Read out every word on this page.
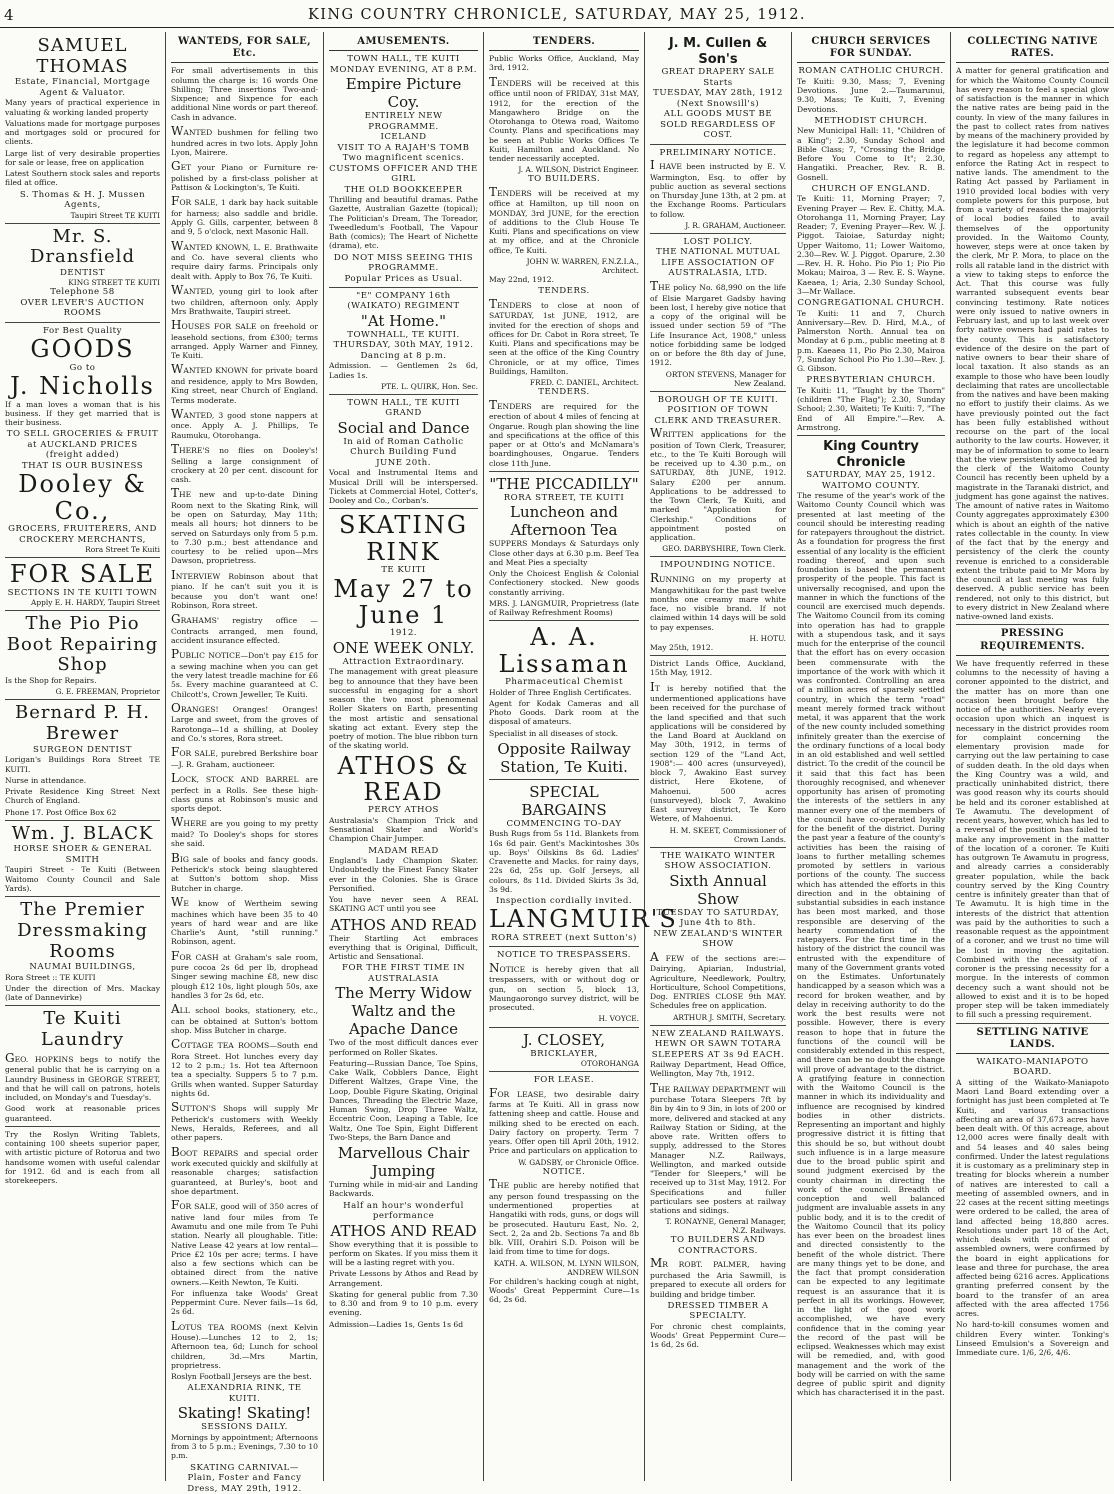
4	KING COUNTRY CHRONICLE, SATURDAY, MAY 25, 1912.
SAMUEL THOMAS
Estate, Financial, Mortgage Agent & Valuator.

Many years of practical experience in valuating & working landed property

Valuations made for mortgage purposes and mortgages sold or procured for clients.

Large list of very desirable properties for sale or lease, free on application

Latest Southern stock sales and reports filed at office.

S. Thomas & H. J. Mussen Agents,
Taupiri Street TE KUITI
Mr. S. Dransfield
DENTIST
KING STREET TE KUITI
Telephone 58
OVER LEVER'S AUCTION ROOMS
For Best Quality
GOODS
Go to
J. Nicholls

If a man loves a woman that is his business. If they get married that is their business.

TO SELL GROCERIES & FRUIT at AUCKLAND PRICES
(freight added)
THAT IS OUR BUSINESS
Dooley & Co.,
GROCERS, FRUITERERS, AND CROCKERY MERCHANTS,
Rora Street Te Kuiti
FOR SALE
SECTIONS IN TE KUITI TOWN
Apply E. H. HARDY, Taupiri Street
The Pio Pio
Boot Repairing Shop

Is the Shop for Repairs.

G. E. FREEMAN, Proprietor
Bernard P. H. Brewer
SURGEON DENTIST

Lorigan's Buildings Rora Street TE KUITI.

Nurse in attendance.

Private Residence King Street Next Church of England.

Phone 17. Post Office Box 62

Wm. J. BLACK
HORSE SHOER & GENERAL SMITH

Taupiri Street - Te Kuiti (Between Waitomo County Council and Sale Yards).

The Premier Dressmaking Rooms
NAUMAI BUILDINGS,

Rora Street :: TE KUITI

Under the direction of Mrs. Mackay (late of Dannevirke)

Te Kuiti Laundry

GEO. HOPKINS begs to notify the general public that he is carrying on a Laundry Business in GEORGE STREET, and that he will call on patrons, hotels included, on Monday's and Tuesday's.

Good work at reasonable prices guaranteed.

Try the Roslyn Writing Tablets, containing 100 sheets superior paper, with artistic picture of Rotorua and two handsome women with useful calendar for 1912. 6d and is each from all storekeepers.

WANTEDS, FOR SALE, Etc.

For small advertisements in this column the charge is: 16 words One Shilling; Three insertions Two-and-Sixpence; and Sixpence for each additional Nine words or part thereof. Cash in advance.

WANTED bushmen for felling two hundred acres in two lots. Apply John Lyon, Mairere.

GET your Piano or Furniture re-polished by a first-class polisher at Pattison & Lockington's, Te Kuiti.

FOR SALE, 1 dark bay hack suitable for harness; also saddle and bridle. Apply G. Gills, carpenter, between 8 and 9, 5 o'clock, next Masonic Hall.

WANTED KNOWN, L. E. Brathwaite and Co. have several clients who require dairy farms. Principals only dealt with. Apply to Box 76, Te Kuiti.

WANTED, young girl to look after two children, afternoon only. Apply Mrs Brathwaite, Taupiri street.

HOUSES FOR SALE on freehold or leasehold sections, from £300; terms arranged. Apply Warner and Finney, Te Kuiti.

WANTED KNOWN for private board and residence, apply to Mrs Bowden, King street, near Church of England. Terms moderate.

WANTED, 3 good stone nappers at once. Apply A. J. Phillips, Te Raumuku, Otorohanga.

THERE'S no flies on Dooley's! Selling a large consignment of crockery at 20 per cent. discount for cash.

THE new and up-to-date Dining Room next to the Skating Rink, will be open on Saturday, May 11th; meals all hours; hot dinners to be served on Saturdays only from 5 p.m. to 7.30 p.m.; best attendance and courtesy to be relied upon—Mrs Dawson, proprietress.

INTERVIEW Robinson about that piano. If he can't suit you it is because you don't want one! Robinson, Rora street.

GRAHAMS' registry office — Contracts arranged, men found, accident insurance effected.

PUBLIC NOTICE—Don't pay £15 for a sewing machine when you can get the very latest treadle machine for £6 5s. Every machine guaranteed at C. Chilcott's, Crown Jeweller, Te Kuiti.

ORANGES! Oranges! Oranges! Large and sweet, from the groves of Rarotonga—1d a shilling, at Dooley and Co.'s stores, Rora street.

FOR SALE, purebred Berkshire boar—J. R. Graham, auctioneer.

LOCK, STOCK AND BARREL are perfect in a Rolls. See these high-class guns at Robinson's music and sports depot.

WHERE are you going to my pretty maid? To Dooley's shops for stores she said.

BIG sale of books and fancy goods. Petherick's stock being slaughtered at Sutton's bottom shop. Miss Butcher in charge.

WE know of Wertheim sewing machines which have been 35 to 40 years of hard wear and are like Charlie's Aunt, "still running." Robinson, agent.

FOR CASH at Graham's sale room, pure cocoa 2s 6d per lb, drophead Singer sewing machine £8, new disc plough £12 10s, light plough 50s, axe handles 3 for 2s 6d, etc.

ALL school books, stationery, etc., can be obtained at Sutton's bottom shop. Miss Butcher in charge.

COTTAGE TEA ROOMS—South end Rora Street. Hot lunches every day 12 to 2 p.m.; 1s. Hot tea Afternoon tea a specialty. Suppers 5 to 7 p.m. Grills when wanted. Supper Saturday nights 6d.

SUTTON'S Shops will supply Mr Petherick's customers with Weekly News, Heralds, Referees, and all other papers.

BOOT REPAIRS and special order work executed quickly and skilfully at reasonable charges; satisfaction guaranteed, at Burley's, boot and shoe department.

FOR SALE, good will of 350 acres of native land four miles from Te Awamutu and one mile from Te Puhi station. Nearly all ploughable. Title: Native Lease 42 years at low rental—Price £2 10s per acre; terms. I have also a few sections which can be obtained direct from the native owners.—Keith Newton, Te Kuiti.

For influenza take Woods' Great Peppermint Cure. Never fails—1s 6d, 2s 6d.

LOTUS TEA ROOMS (next Kelvin House).—Lunches 12 to 2, 1s; Afternoon tea, 6d; Lunch for school children, 3d.—Mrs Martin, proprietress.

Roslyn Football Jerseys are the best.

ALEXANDRIA RINK, TE KUITI.
Skating! Skating!
SESSIONS DAILY.

Mornings by appointment; Afternoons from 3 to 5 p.m.; Evenings, 7.30 to 10 p.m.

SKATING CARNIVAL—
Plain, Foster and Fancy Dress, MAY 29th, 1912.
AMUSEMENTS.
TOWN HALL, TE KUITI
MONDAY EVENING, AT 8 P.M.
Empire Picture Coy.
ENTIRELY NEW PROGRAMME.
ICELAND
VISIT TO A RAJAH'S TOMB
Two magnificent scenics.
CUSTOMS OFFICER AND THE GIRL
THE OLD BOOKKEEPER

Thrilling and beautiful dramas. Pathe Gazette, Australian Gazette (topical); The Politician's Dream, The Toreador, Tweedledum's Football, The Vapour Bath (comics); The Heart of Nichette (drama), etc.

DO NOT MISS SEEING THIS PROGRAMME.
Popular Prices as Usual.
"E" COMPANY 16th (WAIKATO) REGIMENT
"At Home."
TOWNHALL, TE KUITI.
THURSDAY, 30th MAY, 1912.
Dancing at 8 p.m.

Admission. — Gentlemen 2s 6d, Ladies 1s.

PTE. L. QUIRK, Hon. Sec.
TOWN HALL, TE KUITI
GRAND
Social and Dance
In aid of Roman Catholic Church Building Fund
JUNE 20th.

Vocal and Instrumental Items and Musical Drill will be interspersed. Tickets at Commercial Hotel, Cotter's, Dooley and Co., Corban's.

SKATING RINK
TE KUITI
May 27 to June 1
1912.
ONE WEEK ONLY.
Attraction Extraordinary.

The management with great pleasure beg to announce that they have been successful in engaging for a short season the two most phenomenal Roller Skaters on Earth, presenting the most artistic and sensational skating act extant. Every step the poetry of motion. The blue ribbon turn of the skating world.

ATHOS & READ
PERCY ATHOS

Australasia's Champion Trick and Sensational Skater and World's Champion Chair Jumper.

MADAM READ

England's Lady Champion Skater. Undoubtedly the Finest Fancy Skater ever in the Colonies. She is Grace Personified.

You have never seen A REAL SKATING ACT until you see

ATHOS AND READ

Their Startling Act embraces everything that is Original, Difficult, Artistic and Sensational.

FOR THE FIRST TIME IN AUSTRALASIA
The Merry Widow Waltz and the Apache Dance

Two of the most difficult dances ever performed on Roller Skates.

Featuring—Russian Dance, Toe Spins, Cake Walk, Cobblers Dance, Eight Different Waltzes, Grape Vine, the Loop, Double Figure Skating, Original Dances, Threading the Electric Maze, Human Swing, Drop Three Waltz, Eccentric Coon, Leaping a Table, Ice Waltz, One Toe Spin, Eight Different Two-Steps, the Barn Dance and

Marvellous Chair Jumping

Turning while in mid-air and Landing Backwards.

Half an hour's wonderful performance
ATHOS AND READ

Show everything that it is possible to perform on Skates. If you miss them it will be a lasting regret with you.

Private Lessons by Athos and Read by Arrangement.

Skating for general public from 7.30 to 8.30 and from 9 to 10 p.m. every evening.

Admission—Ladies 1s, Gents 1s 6d

TENDERS.

Public Works Office, Auckland, May 3rd, 1912.

TENDERS will be received at this office until noon of FRIDAY, 31st MAY, 1912, for the erection of the Mangawhero Bridge on the Otorohanga to Otewa road, Waitomo County. Plans and specifications may be seen at Public Works Offices Te Kuiti, Hamilton and Auckland. No tender necessarily accepted.

J. A. WILSON, District Engineer.
TO BUILDERS.

TENDERS will be received at my office at Hamilton, up till noon on MONDAY, 3rd JUNE, for the erection of additions to the Club House Te Kuiti. Plans and specifications on view at my office, and at the Chronicle office, Te Kuiti.

JOHN W. WARREN, F.N.Z.I.A., Architect.

May 22nd, 1912.

TENDERS.

TENDERS to close at noon of SATURDAY, 1st JUNE, 1912, are invited for the erection of shops and offices for Dr. Cabot in Rora street, Te Kuiti. Plans and specifications may be seen at the office of the King Country Chronicle, or at my office, Times Buildings, Hamilton.

FRED. C. DANIEL, Architect.
TENDERS.

TENDERS are required for the erection of about 4 miles of fencing at Ongarue. Rough plan showing the line and specifications at the office of this paper or at Otto's and McNamara's boardinghouses, Ongarue. Tenders close 11th June.

"THE PICCADILLY"
RORA STREET, TE KUITI
Luncheon and Afternoon Tea

SUPPERS Mondays & Saturdays only Close other days at 6.30 p.m. Beef Tea and Meat Pies a specialty

Only the Choicest English & Colonial Confectionery stocked. New goods constantly arriving.

MRS. J. LANGMUIR, Proprietress (late of Railway Refreshment Rooms)

A. A. Lissaman
Pharmaceutical Chemist

Holder of Three English Certificates.

Agent for Kodak Cameras and all Photo Goods. Dark room at the disposal of amateurs.

Specialist in all diseases of stock.

Opposite Railway Station, Te Kuiti.
SPECIAL BARGAINS
COMMENCING TO-DAY

Bush Rugs from 5s 11d. Blankets from 16s 6d pair. Gent's Mackintoshes 30s up. Boys' Oilskins 8s 6d. Ladies' Cravenette and Macks. for rainy days, 22s 6d, 25s up. Golf Jerseys, all colours, 8s 11d. Divided Skirts 3s 3d, 3s 9d.

Inspection cordially invited.
LANGMUIR'S
RORA STREET (next Sutton's)
NOTICE TO TRESPASSERS.

NOTICE is hereby given that all trespassers, with or without dog or gun, on section 5, block 13, Maungaorongo survey district, will be prosecuted.

H. VOYCE.
J. CLOSEY,
BRICKLAYER,
OTOROHANGA
FOR LEASE.

FOR LEASE, two desirable dairy farms at Te Kuiti. All in grass now fattening sheep and cattle. House and milking shed to be erected on each. Dairy factory on property. Term 7 years. Offer open till April 20th, 1912. Price and particulars on application to

W. GADSBY, or Chronicle Office.
NOTICE.

THE public are hereby notified that any person found trespassing on the undermentioned properties at Hangatiki with rods, guns, or dogs will be prosecuted. Hauturu East, No. 2, Sect. 2, 2a and 2b. Sections 7a and 8b blk. VIII, Orahiri S.D. Poison will be laid from time to time for dogs.

KATH. A. WILSON, M. LYNN WILSON, ANDREW WILSON

For children's hacking cough at night, Woods' Great Peppermint Cure—1s 6d, 2s 6d.

J. M. Cullen & Son's
GREAT DRAPERY SALE
Starts
TUESDAY, MAY 28th, 1912
(Next Snowsill's)
ALL GOODS MUST BE SOLD REGARDLESS OF COST.
PRELIMINARY NOTICE.

I HAVE been instructed by E. V. Warmington, Esq. to offer by public auction as several sections on Thursday June 13th, at 2 pm. at the Exchange Rooms. Particulars to follow.

J. R. GRAHAM, Auctioneer.
LOST POLICY.
THE NATIONAL MUTUAL LIFE ASSOCIATION OF AUSTRALASIA, LTD.

THE policy No. 68,990 on the life of Elsie Margaret Gadsby having been lost, I hereby give notice that a copy of the original will be issued under section 59 of "The Life Insurance Act, 1908," unless notice forbidding same be lodged on or before the 8th day of June, 1912.

ORTON STEVENS, Manager for New Zealand.
BOROUGH OF TE KUITI.
POSITION OF TOWN CLERK AND TREASURER.

WRITTEN applications for the position of Town Clerk, Treasurer, etc., to the Te Kuiti Borough will be received up to 4.30 p.m., on SATURDAY, 8th JUNE, 1912. Salary £200 per annum. Applications to be addressed to the Town Clerk, Te Kuiti, and marked "Application for Clerkship." Conditions of appointment posted on application.

GEO. DARBYSHIRE, Town Clerk.
IMPOUNDING NOTICE.

RUNNING on my property at Mangawhitikau for the past twelve months one creamy mare white face, no visible brand. If not claimed within 14 days will be sold to pay expenses.

H. HOTU.

May 25th, 1912.

District Lands Office, Auckland, 15th May, 1912.

IT is hereby notified that the undermentioned applications have been received for the purchase of the land specified and that such applications will be considered by the Land Board at Auckland on May 30th, 1912, in terms of section 129 of the "Land Act, 1908":— 400 acres (unsurveyed), block 7, Awakino East survey district, Here Ekotene, of Mahoenui. 500 acres (unsurveyed), block 7, Awakino East survey district, Te Koro Wetere, of Mahoenui.

H. M. SKEET, Commissioner of Crown Lands.
THE WAIKATO WINTER SHOW ASSOCIATION.
Sixth Annual Show
TUESDAY TO SATURDAY, June 4th to 8th.
NEW ZEALAND'S WINTER SHOW

A FEW of the sections are:—Dairying, Apiarian, Industrial, Agriculture, Needlework, Poultry, Horticulture, School Competitions, Dog. ENTRIES CLOSE 9th MAY. Schedules free on application.

ARTHUR J. SMITH, Secretary.
NEW ZEALAND RAILWAYS.
HEWN OR SAWN TOTARA SLEEPERS AT 3s 9d EACH.

Railway Department, Head Office, Wellington, May 7th, 1912.

THE RAILWAY DEPARTMENT will purchase Totara Sleepers 7ft by 8in by 4in to 9 3in, in lots of 200 or more, delivered and stacked at any Railway Station or Siding, at the above rate. Written offers to supply, addressed to the Stores Manager N.Z. Railways, Wellington, and marked outside "Tender for Sleepers," will be received up to 31st May, 1912. For Specifications and fuller particulars see posters at railway stations and sidings.

T. RONAYNE, General Manager, N.Z. Railways.
TO BUILDERS AND CONTRACTORS.

MR ROBT. PALMER, having purchased the Aria Sawmill, is prepared to execute all orders for building and bridge timber.

DRESSED TIMBER A SPECIALTY.

For chronic chest complaints, Woods' Great Peppermint Cure—1s 6d, 2s 6d.

CHURCH SERVICES FOR SUNDAY.
ROMAN CATHOLIC CHURCH.

Te Kuiti: 9.30, Mass; 7, Evening Devotions. June 2.—Taumarunui, 9.30, Mass; Te Kuiti, 7, Evening Devotions.

METHODIST CHURCH.

New Municipal Hall: 11, "Children of a King"; 2.30, Sunday School and Bible Class; 7, "Crossing the Bridge Before You Come to It"; 2.30, Hangatiki. Preacher, Rev. R. B. Gosnell.

CHURCH OF ENGLAND.

Te Kuiti: 11, Morning Prayer; 7, Evening Prayer — Rev. E. Chitty, M.A. Otorohanga 11, Morning Prayer, Lay Reader; 7, Evening Prayer—Rev. W. J. Piggot. Taioiae, Saturday night; Upper Waitomo, 11; Lower Waitomo, 2.30—Rev. W. J. Piggot. Oparure, 2.30—Rev. H. R. Hoho. Pio Pio 1; Pio Pio Mokau; Mairoa, 3 — Rev. E. S. Wayne. Kaeaea, 1; Aria, 2.30 Sunday School, 3—Mr Wallace.

CONGREGATIONAL CHURCH.

Te Kuiti: 11 and 7, Church Anniversary—Rev. D. Hird, M.A., of Palmerston North. Annual tea on Monday at 6 p.m., public meeting at 8 p.m. Kaeaea 11, Pio Pio 2.30, Mairoa 7, Sunday School Pio Pio 1.30—Rev. J. G. Gibson.

PRESBYTERIAN CHURCH.

Te Kuiti: 11, "Taught by the Thorn" (children "The Flag"); 2.30, Sunday School; 2.30, Waiteti; Te Kuiti: 7, "The End of All Empire."—Rev. A. Armstrong.

King Country Chronicle
SATURDAY, MAY 25, 1912.
WAITOMO COUNTY.

The resume of the year's work of the Waitomo County Council which was presented at last meeting of the council should be interesting reading for ratepayers throughout the district. As a foundation for progress the first essential of any locality is the efficient roading thereof, and upon such foundation is based the permanent prosperity of the people. This fact is universally recognised, and upon the manner in which the functions of the council are exercised much depends. The Waitomo Council from its coming into operation has had to grapple with a stupendous task, and it says much for the enterprise of the council that the effort has on every occasion been commensurate with the importance of the work with which it was confronted. Controlling an area of a million acres of sparsely settled country, in which the term "road" meant merely formed track without metal, it was apparent that the work of the new county included something infinitely greater than the exercise of the ordinary functions of a local body in an old established and well settled district. To the credit of the council be it said that this fact has been thoroughly recognised, and whenever opportunity has arisen of promoting the interests of the settlers in any manner every one of the members of the council have co-operated loyally for the benefit of the district. During the past year a feature of the county's activities has been the raising of loans to further metalling schemes promoted by settlers in various portions of the county. The success which has attended the efforts in this direction and in the obtaining of substantial subsidies in each instance has been most marked, and those responsible are deserving of the hearty commendation of the ratepayers. For the first time in the history of the district the council was entrusted with the expenditure of many of the Government grants voted on the Estimates. Unfortunately handicapped by a season which was a record for broken weather, and by delay in receiving authority to do the work the best results were not possible. However, there is every reason to hope that in future the functions of the council will be considerably extended in this respect, and there can be no doubt the change will prove of advantage to the district. A gratifying feature in connection with the Waitomo Council is the manner in which its individuality and influence are recognised by kindred bodies in other districts. Representing an important and highly progressive district it is fitting that this should be so, but without doubt such influence is in a large measure due to the broad public spirit and sound judgment exercised by the county chairman in directing the work of the council. Breadth of conception and well balanced judgment are invaluable assets in any public body, and it is to the credit of the Waitomo Council that its policy has ever been on the broadest lines and directed consistently to the benefit of the whole district. There are many things yet to be done, and the fact that prompt consideration can be expected to any legitimate request is an assurance that it is perfect in all its workings. However, in the light of the good work accomplished, we have every confidence that in the coming year the record of the past will be eclipsed. Weaknesses which may exist will be remedied, and, with good management and the work of the body will be carried on with the same degree of public spirit and dignity which has characterised it in the past.

COLLECTING NATIVE RATES.

A matter for general gratification and for which the Waitomo County Council has every reason to feel a special glow of satisfaction is the manner in which the native rates are being paid in the county. In view of the many failures in the past to collect rates from natives by means of the machinery provided by the legislature it had become common to regard as hopeless any attempt to enforce the Rating Act in respect to native lands. The amendment to the Rating Act passed by Parliament in 1910 provided local bodies with very complete powers for this purpose, but from a variety of reasons the majority of local bodies failed to avail themselves of the opportunity provided. In the Waitomo County, however, steps were at once taken by the clerk, Mr P. Mora, to place on the rolls all ratable land in the district with a view to taking steps to enforce the Act. That this course was fully warranted subsequent events bear convincing testimony. Rate notices were only issued to native owners in February last, and up to last week over forty native owners had paid rates to the county. This is satisfactory evidence of the desire on the part of native owners to bear their share of local taxation. It also stands as an example to those who have been loudly declaiming that rates are uncollectable from the natives and have been making no effort to justify their claims. As we have previously pointed out the fact has been fully established without recourse on the part of the local authority to the law courts. However, it may be of information to some to learn that the view persistently advocated by the clerk of the Waitomo County Council has recently been upheld by a magistrate in the Taranaki district, and judgment has gone against the natives. The amount of native rates in Waitomo County aggregates approximately £300 which is about an eighth of the native rates collectable in the county. In view of the fact that by the energy and persistency of the clerk the county revenue is enriched to a considerable extent the tribute paid to Mr Mora by the council at last meeting was fully deserved. A public service has been rendered, not only to this district, but to every district in New Zealand where native-owned land exists.

PRESSING REQUIREMENTS.

We have frequently referred in these columns to the necessity of having a coroner appointed to the district, and the matter has on more than one occasion been brought before the notice of the authorities. Nearly every occasion upon which an inquest is necessary in the district provides room for complaint concerning the elementary provision made for carrying out the law pertaining to case of sudden death. In the old days when the King Country was a wild, and practically uninhabited district, there was good reason why its courts should be held and its coroner established at Te Awamutu. The development of recent years, however, which has led to a reversal of the position has failed to make any improvement in the matter of the location of a coroner. Te Kuiti has outgrown Te Awamutu in progress, and already carries a considerably greater population, while the back country served by the King Country centre is infinitely greater than that of Te Awamutu. It is high time in the interests of the district that attention was paid by the authorities to such a reasonable request as the appointment of a coroner, and we trust no time will be lost in moving the agitation. Combined with the necessity of a coroner is the pressing necessity for a morgue. In the interests of common decency such a want should not be allowed to exist and it is to be hoped proper step will be taken immediately to fill such a pressing requirement.

SETTLING NATIVE LANDS.
WAIKATO-MANIAPOTO BOARD.

A sitting of the Waikato-Maniapoto Maori Land Board extending over a fortnight has just been completed at Te Kuiti, and various transactions affecting an area of 37,673 acres have been dealt with. Of this acreage, about 12,000 acres were finally dealt with and 54 leases and 40 sales being confirmed. Under the latest regulations it is customary as a preliminary step in treating for blocks wherein a number of natives are interested to call a meeting of assembled owners, and in 22 cases at the recent sitting meetings were ordered to be called, the area of land affected being 18,880 acres. Resolutions under part 18 of the Act, which deals with purchases of assembled owners, were confirmed by the board in eight applications for lease and three for purchase, the area affected being 6216 acres. Applications granting preferred consent by the board to the transfer of an area affected with the area affected 1756 acres.

No hard-to-kill consumes women and children Every winter. Tonking's Linseed Emulsion's a Sovereign and Immediate cure. 1/6, 2/6, 4/6.
